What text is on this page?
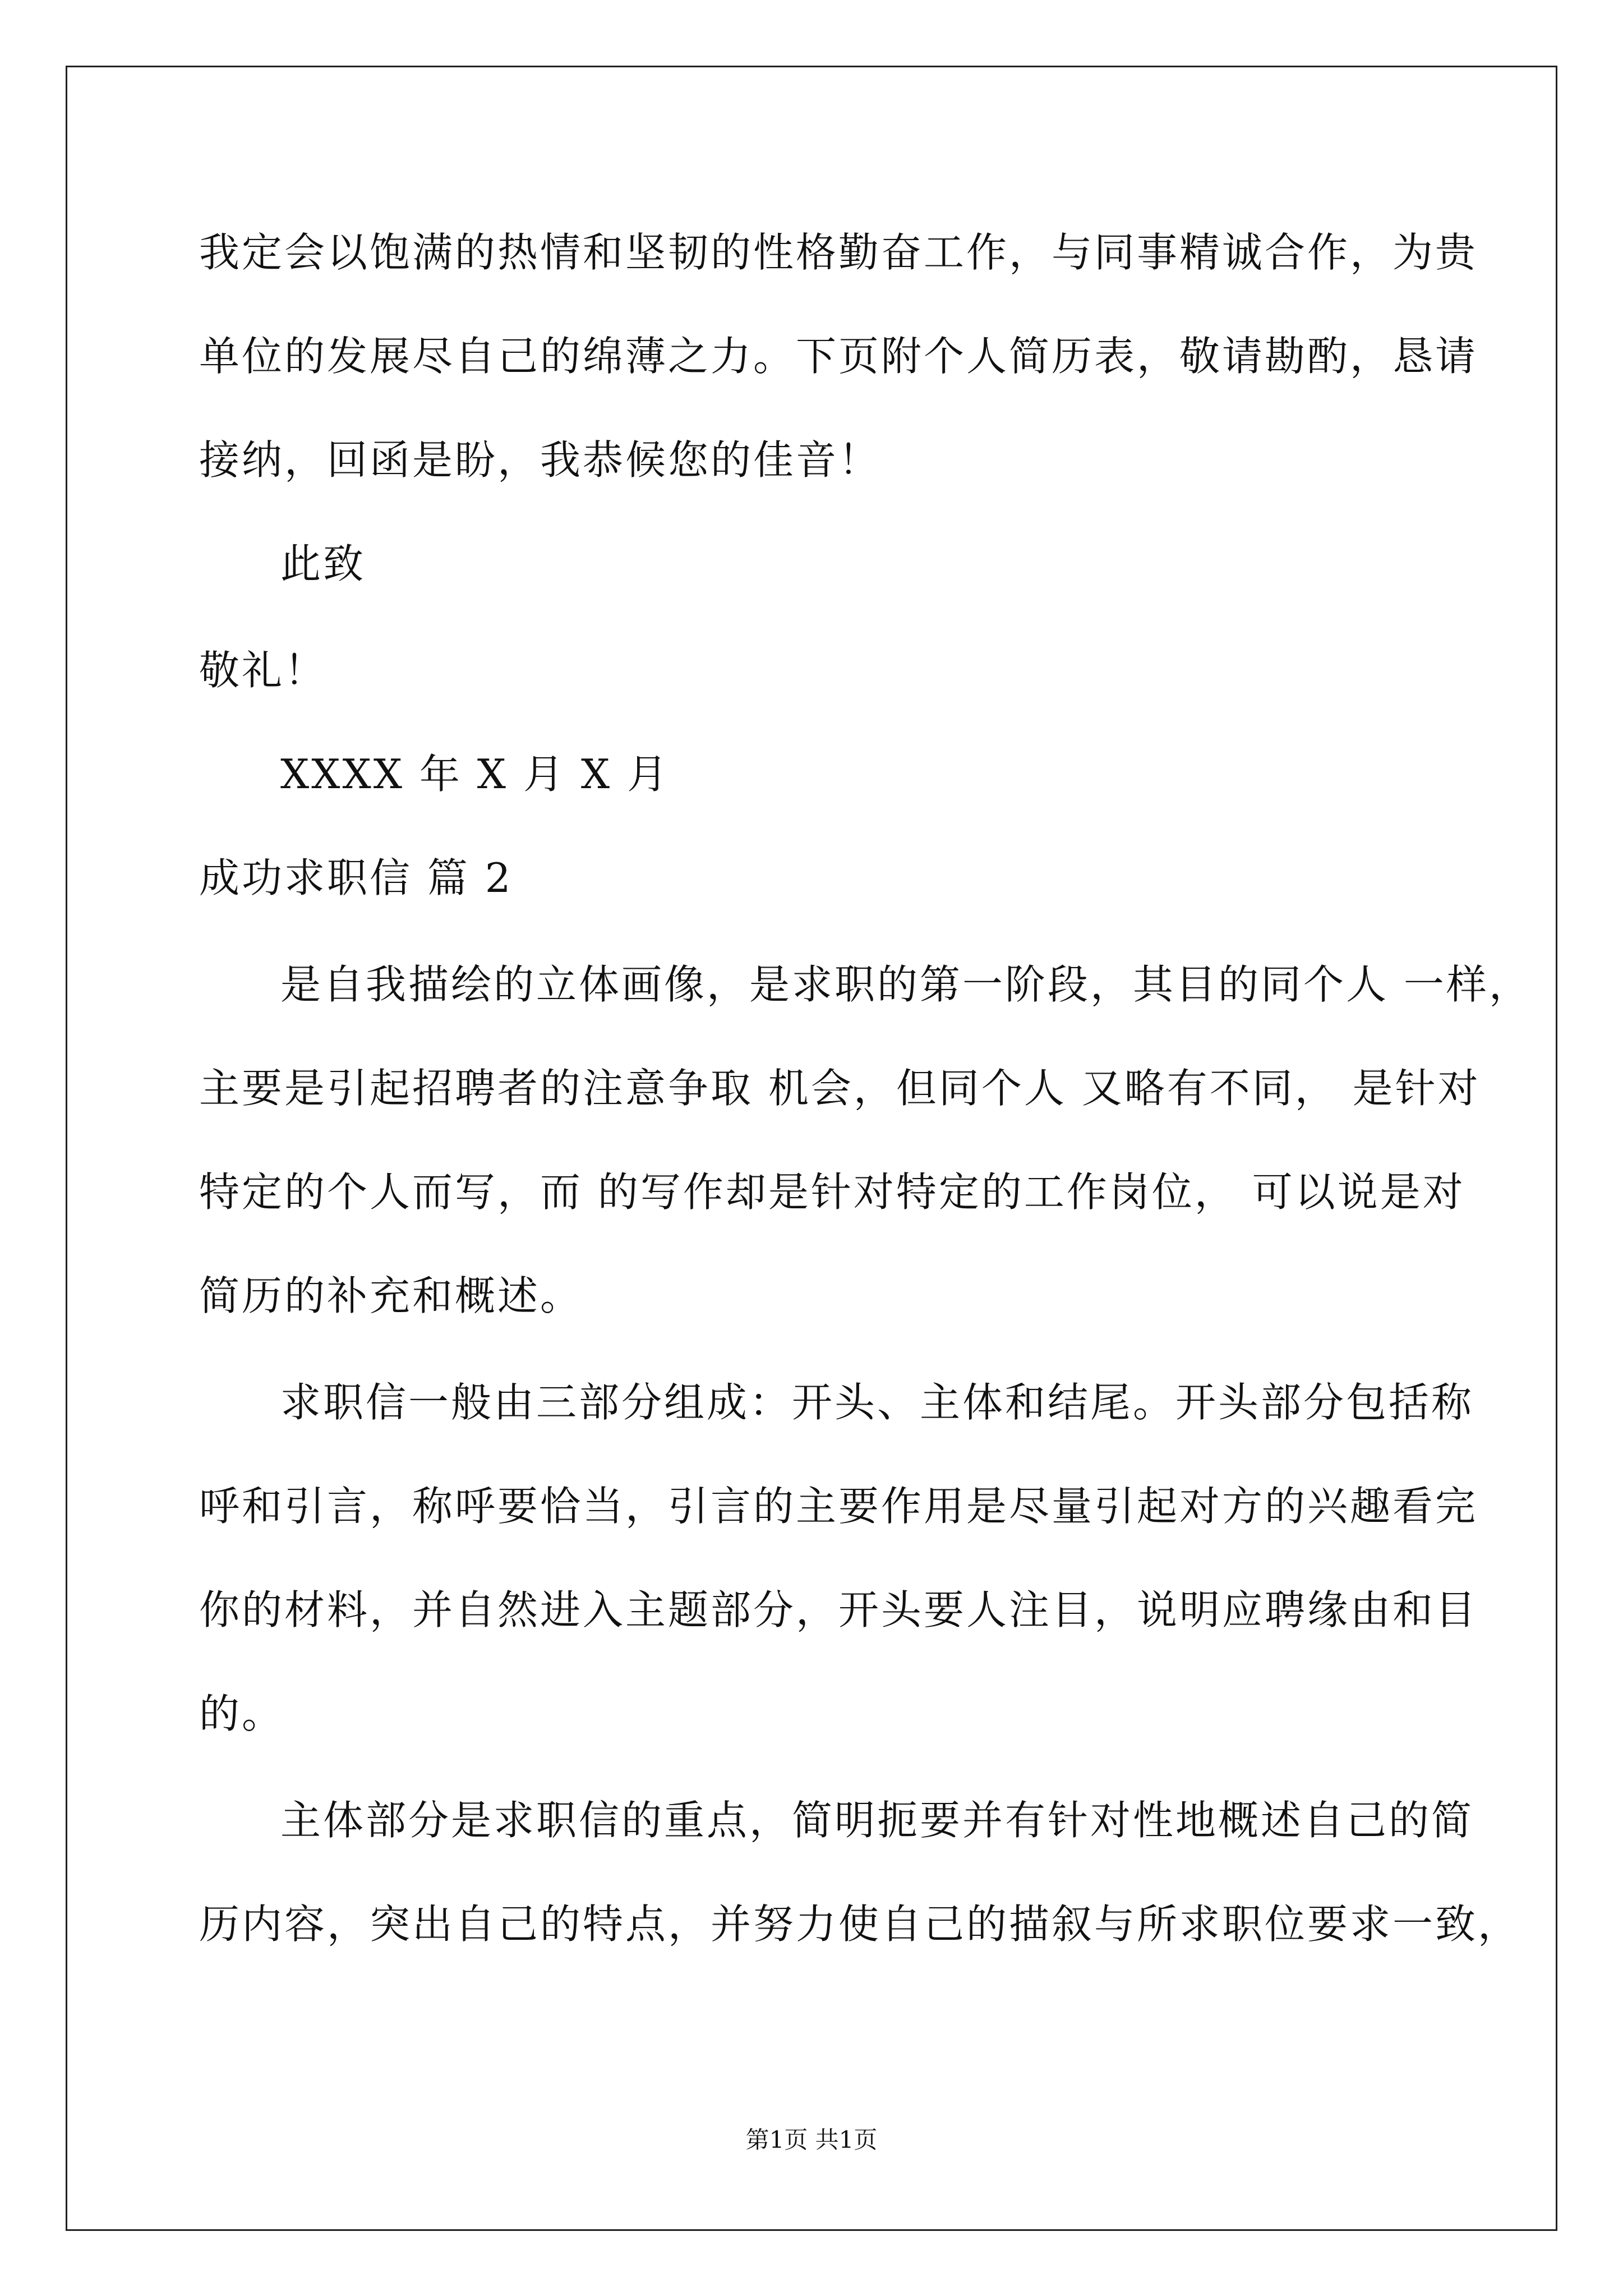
我定会以饱满的热情和坚韧的性格勤奋工作，与同事精诚合作，为贵
单位的发展尽自己的绵薄之力。下页附个人简历表，敬请勘酌，恳请
接纳，回函是盼，我恭候您的佳音！
此致
敬礼！
XXXX 年 X 月 X 月
成功求职信 篇 2
是自我描绘的立体画像，是求职的第一阶段，其目的同个人 一样，
主要是引起招聘者的注意争取 机会，但同个人 又略有不同， 是针对
特定的个人而写，而 的写作却是针对特定的工作岗位， 可以说是对
简历的补充和概述。
求职信一般由三部分组成：开头、主体和结尾。开头部分包括称
呼和引言，称呼要恰当，引言的主要作用是尽量引起对方的兴趣看完
你的材料，并自然进入主题部分，开头要人注目，说明应聘缘由和目
的。
主体部分是求职信的重点，简明扼要并有针对性地概述自己的简
历内容，突出自己的特点，并努力使自己的描叙与所求职位要求一致，
第1页 共1页
